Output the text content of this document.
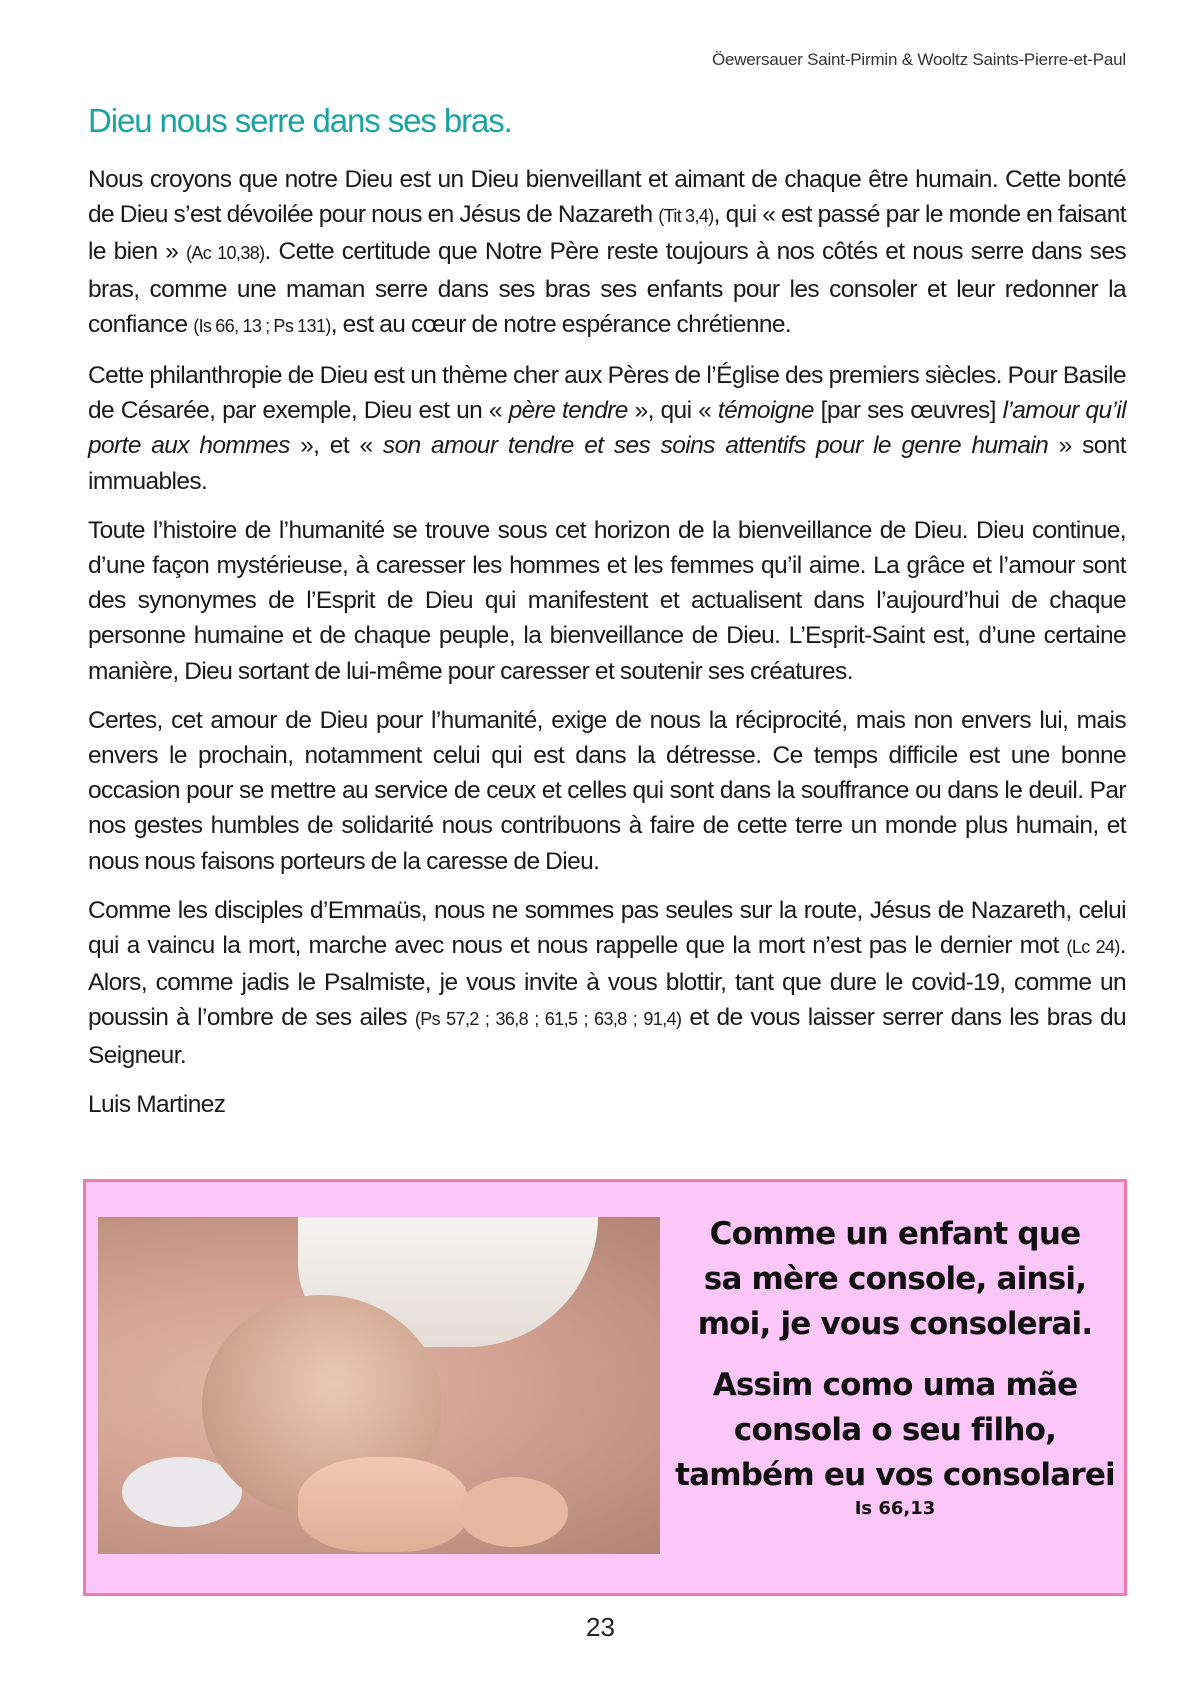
Öewersauer Saint-Pirmin & Wooltz Saints-Pierre-et-Paul
Dieu nous serre dans ses bras.

Nous croyons que notre Dieu est un Dieu bienveillant et aimant de chaque être humain. Cette bonté de Dieu s’est dévoilée pour nous en Jésus de Nazareth (Tit 3,4), qui « est passé par le monde en faisant le bien » (Ac 10,38). Cette certitude que Notre Père reste toujours à nos côtés et nous serre dans ses bras, comme une maman serre dans ses bras ses enfants pour les consoler et leur redonner la confiance (Is 66, 13 ; Ps 131), est au cœur de notre espérance chrétienne.

Cette philanthropie de Dieu est un thème cher aux Pères de l’Église des premiers siècles. Pour Basile de Césarée, par exemple, Dieu est un « père tendre », qui « témoigne [par ses œuvres] l’amour qu’il porte aux hommes », et « son amour tendre et ses soins attentifs pour le genre humain » sont immuables.

Toute l’histoire de l’humanité se trouve sous cet horizon de la bienveillance de Dieu. Dieu continue, d’une façon mystérieuse, à caresser les hommes et les femmes qu’il aime. La grâce et l’amour sont des synonymes de l’Esprit de Dieu qui manifestent et actualisent dans l’aujourd’hui de chaque personne humaine et de chaque peuple, la bienveillance de Dieu. L’Esprit-Saint est, d’une certaine manière, Dieu sortant de lui-même pour caresser et soutenir ses créatures.

Certes, cet amour de Dieu pour l’humanité, exige de nous la réciprocité, mais non envers lui, mais envers le prochain, notamment celui qui est dans la détresse. Ce temps difficile est une bonne occasion pour se mettre au service de ceux et celles qui sont dans la souffrance ou dans le deuil. Par nos gestes humbles de solidarité nous contribuons à faire de cette terre un monde plus humain, et nous nous faisons porteurs de la caresse de Dieu.

Comme les disciples d’Emmaüs, nous ne sommes pas seules sur la route, Jésus de Nazareth, celui qui a vaincu la mort, marche avec nous et nous rappelle que la mort n’est pas le dernier mot (Lc 24). Alors, comme jadis le Psalmiste, je vous invite à vous blottir, tant que dure le covid-19, comme un poussin à l’ombre de ses ailes (Ps 57,2 ; 36,8 ; 61,5 ; 63,8 ; 91,4) et de vous laisser serrer dans les bras du Seigneur.

Luis Martinez

Comme un enfant que

sa mère console, ainsi,

moi, je vous consolerai.

Assim como uma mãe

consola o seu filho,

também eu vos consolarei

Is 66,13

23
